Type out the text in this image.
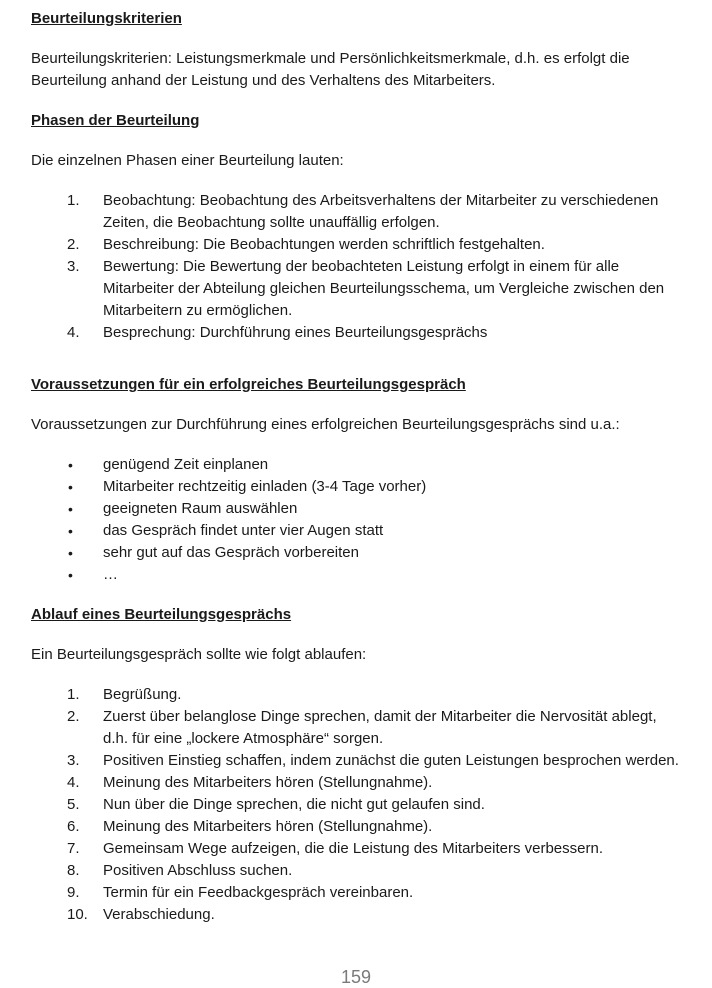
Beurteilungskriterien

Beurteilungskriterien: Leistungsmerkmale und Persönlichkeitsmerkmale, d.h. es erfolgt die Beurteilung anhand der Leistung und des Verhaltens des Mitarbeiters.

Phasen der Beurteilung

Die einzelnen Phasen einer Beurteilung lauten:

1.	Beobachtung: Beobachtung des Arbeitsverhaltens der Mitarbeiter zu verschiedenen Zeiten, die Beobachtung sollte unauffällig erfolgen.
2.	Beschreibung: Die Beobachtungen werden schriftlich festgehalten.
3.	Bewertung: Die Bewertung der beobachteten Leistung erfolgt in einem für alle Mitarbeiter der Abteilung gleichen Beurteilungsschema, um Vergleiche zwischen den Mitarbeitern zu ermöglichen.
4.	Besprechung: Durchführung eines Beurteilungsgesprächs
Voraussetzungen für ein erfolgreiches Beurteilungsgespräch

Voraussetzungen zur Durchführung eines erfolgreichen Beurteilungsgesprächs sind u.a.:

•	genügend Zeit einplanen
•	Mitarbeiter rechtzeitig einladen (3-4 Tage vorher)
•	geeigneten Raum auswählen
•	das Gespräch findet unter vier Augen statt
•	sehr gut auf das Gespräch vorbereiten
•	…
Ablauf eines Beurteilungsgesprächs

Ein Beurteilungsgespräch sollte wie folgt ablaufen:

1.	Begrüßung.
2.	Zuerst über belanglose Dinge sprechen, damit der Mitarbeiter die Nervosität ablegt, d.h. für eine „lockere Atmosphäre“ sorgen.
3.	Positiven Einstieg schaffen, indem zunächst die guten Leistungen besprochen werden.
4.	Meinung des Mitarbeiters hören (Stellungnahme).
5.	Nun über die Dinge sprechen, die nicht gut gelaufen sind.
6.	Meinung des Mitarbeiters hören (Stellungnahme).
7.	Gemeinsam Wege aufzeigen, die die Leistung des Mitarbeiters verbessern.
8.	Positiven Abschluss suchen.
9.	Termin für ein Feedbackgespräch vereinbaren.
10.	Verabschiedung.
159
